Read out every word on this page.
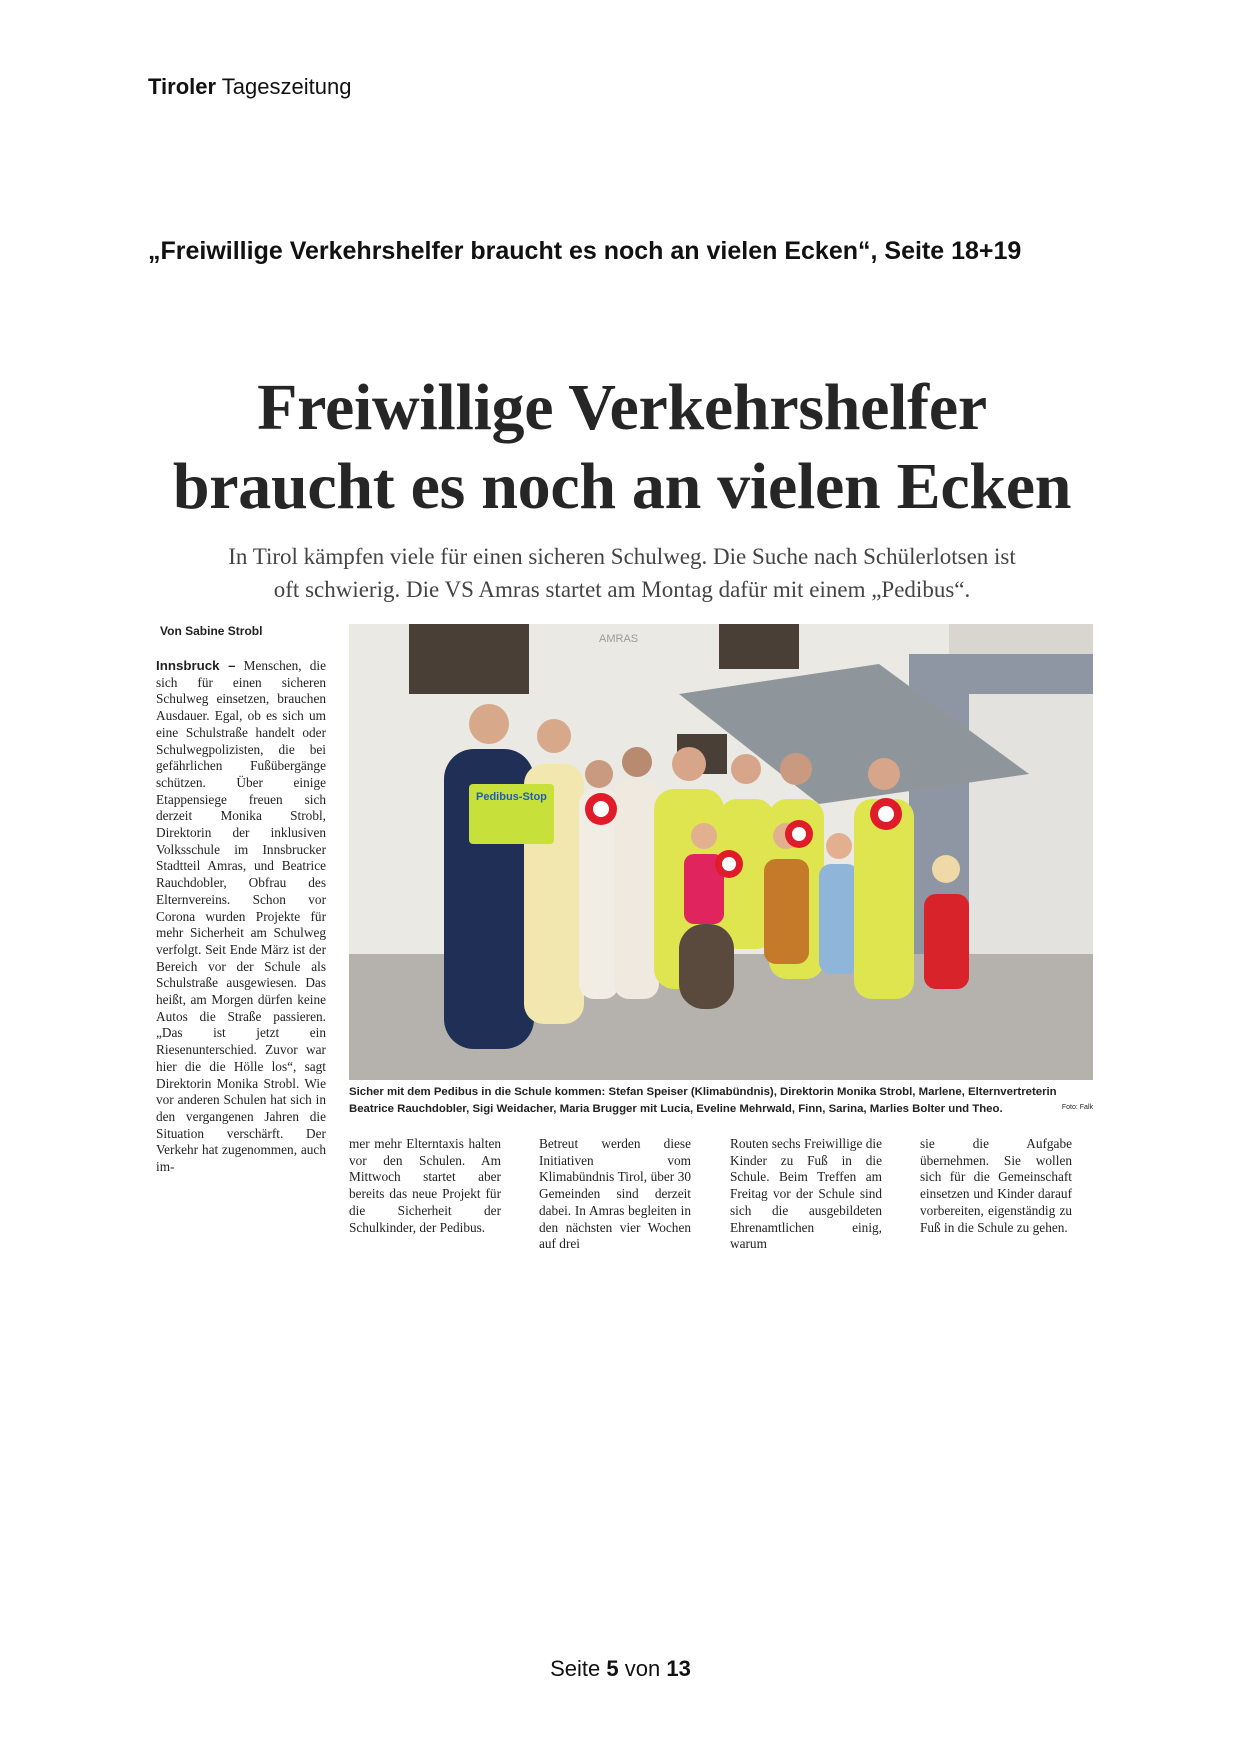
Tiroler Tageszeitung
„Freiwillige Verkehrshelfer braucht es noch an vielen Ecken“, Seite 18+19
Freiwillige Verkehrshelfer
braucht es noch an vielen Ecken
In Tirol kämpfen viele für einen sicheren Schulweg. Die Suche nach Schülerlotsen ist
oft schwierig. Die VS Amras startet am Montag dafür mit einem „Pedibus“.
Von Sabine Strobl

Innsbruck – Menschen, die sich für einen sicheren Schulweg einsetzen, brauchen Ausdauer. Egal, ob es sich um eine Schulstraße handelt oder Schulwegpolizisten, die bei gefährlichen Fußübergänge schützen. Über einige Etappensiege freuen sich derzeit Monika Strobl, Direktorin der inklusiven Volksschule im Innsbrucker Stadtteil Amras, und Beatrice Rauchdobler, Obfrau des Elternvereins. Schon vor Corona wurden Projekte für mehr Sicherheit am Schulweg verfolgt. Seit Ende März ist der Bereich vor der Schule als Schulstraße ausgewiesen. Das heißt, am Morgen dürfen keine Autos die Straße passieren. „Das ist jetzt ein Riesenunterschied. Zuvor war hier die die Hölle los“, sagt Direktorin Monika Strobl. Wie vor anderen Schulen hat sich in den vergangenen Jahren die Situation verschärft. Der Verkehr hat zugenommen, auch im-

AMRAS
Pedibus-Stop

Sicher mit dem Pedibus in die Schule kommen: Stefan Speiser (Klimabündnis), Direktorin Monika Strobl, Marlene, Elternvertreterin Beatrice Rauchdobler, Sigi Weidacher, Maria Brugger mit Lucia, Eveline Mehrwald, Finn, Sarina, Marlies Bolter und Theo.	Foto: Falk

mer mehr Elterntaxis halten vor den Schulen. Am Mittwoch startet aber bereits das neue Projekt für die Sicherheit der Schulkinder, der Pedibus.

Betreut werden diese Initiativen vom Klimabündnis Tirol, über 30 Gemeinden sind derzeit dabei. In Amras begleiten in den nächsten vier Wochen auf drei

Routen sechs Freiwillige die Kinder zu Fuß in die Schule. Beim Treffen am Freitag vor der Schule sind sich die ausgebildeten Ehrenamtlichen einig, warum

sie die Aufgabe übernehmen. Sie wollen sich für die Gemeinschaft einsetzen und Kinder darauf vorbereiten, eigenständig zu Fuß in die Schule zu gehen.

Seite 5 von 13
